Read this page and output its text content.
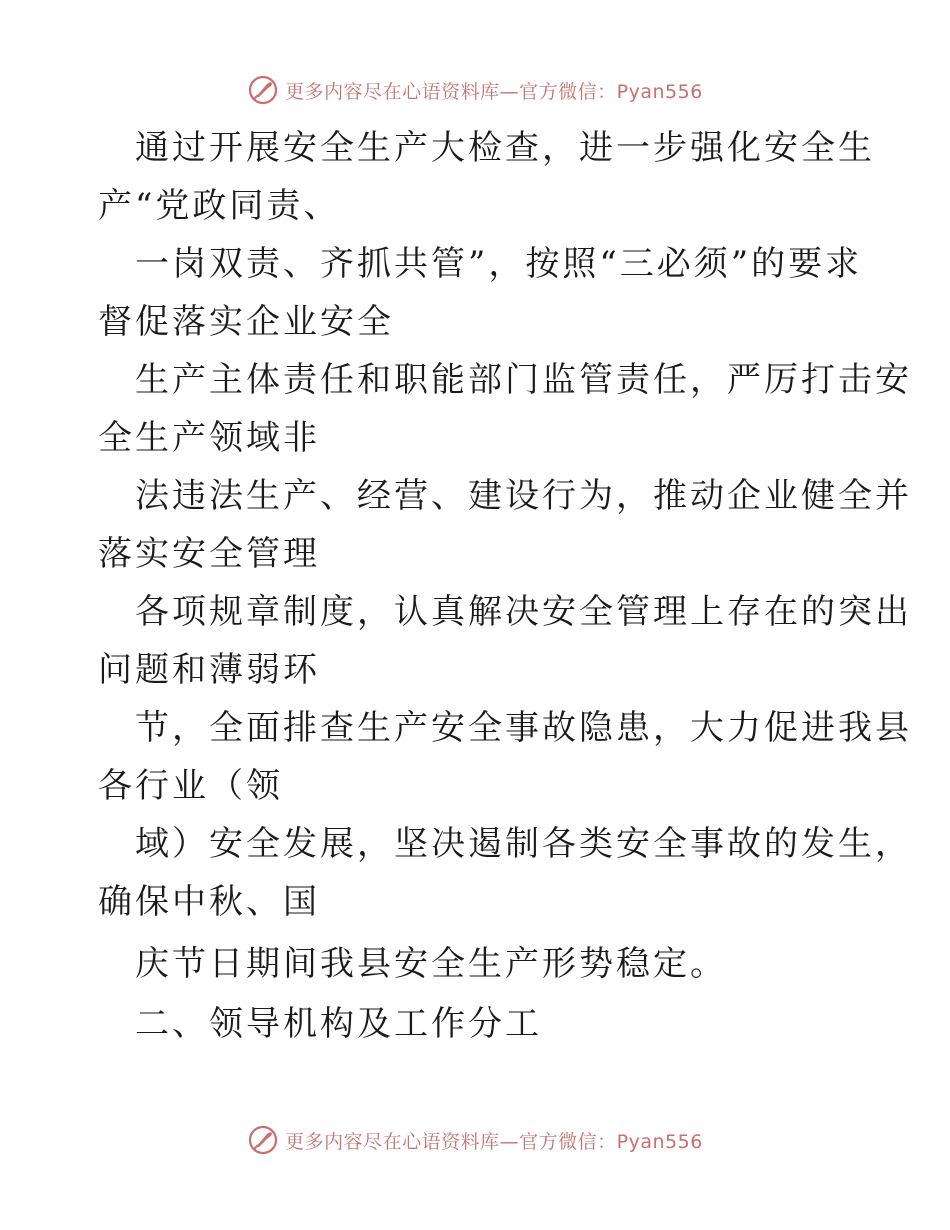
更多内容尽在心语资料库—官方微信：Pyan556
通过开展安全生产大检查，进一步强化安全生
产“党政同责、
一岗双责、齐抓共管”，按照“三必须”的要求
督促落实企业安全
生产主体责任和职能部门监管责任，严厉打击安
全生产领域非
法违法生产、经营、建设行为，推动企业健全并
落实安全管理
各项规章制度，认真解决安全管理上存在的突出
问题和薄弱环
节，全面排查生产安全事故隐患，大力促进我县
各行业（领
域）安全发展，坚决遏制各类安全事故的发生，
确保中秋、国
庆节日期间我县安全生产形势稳定。
二、领导机构及工作分工
更多内容尽在心语资料库—官方微信：Pyan556
